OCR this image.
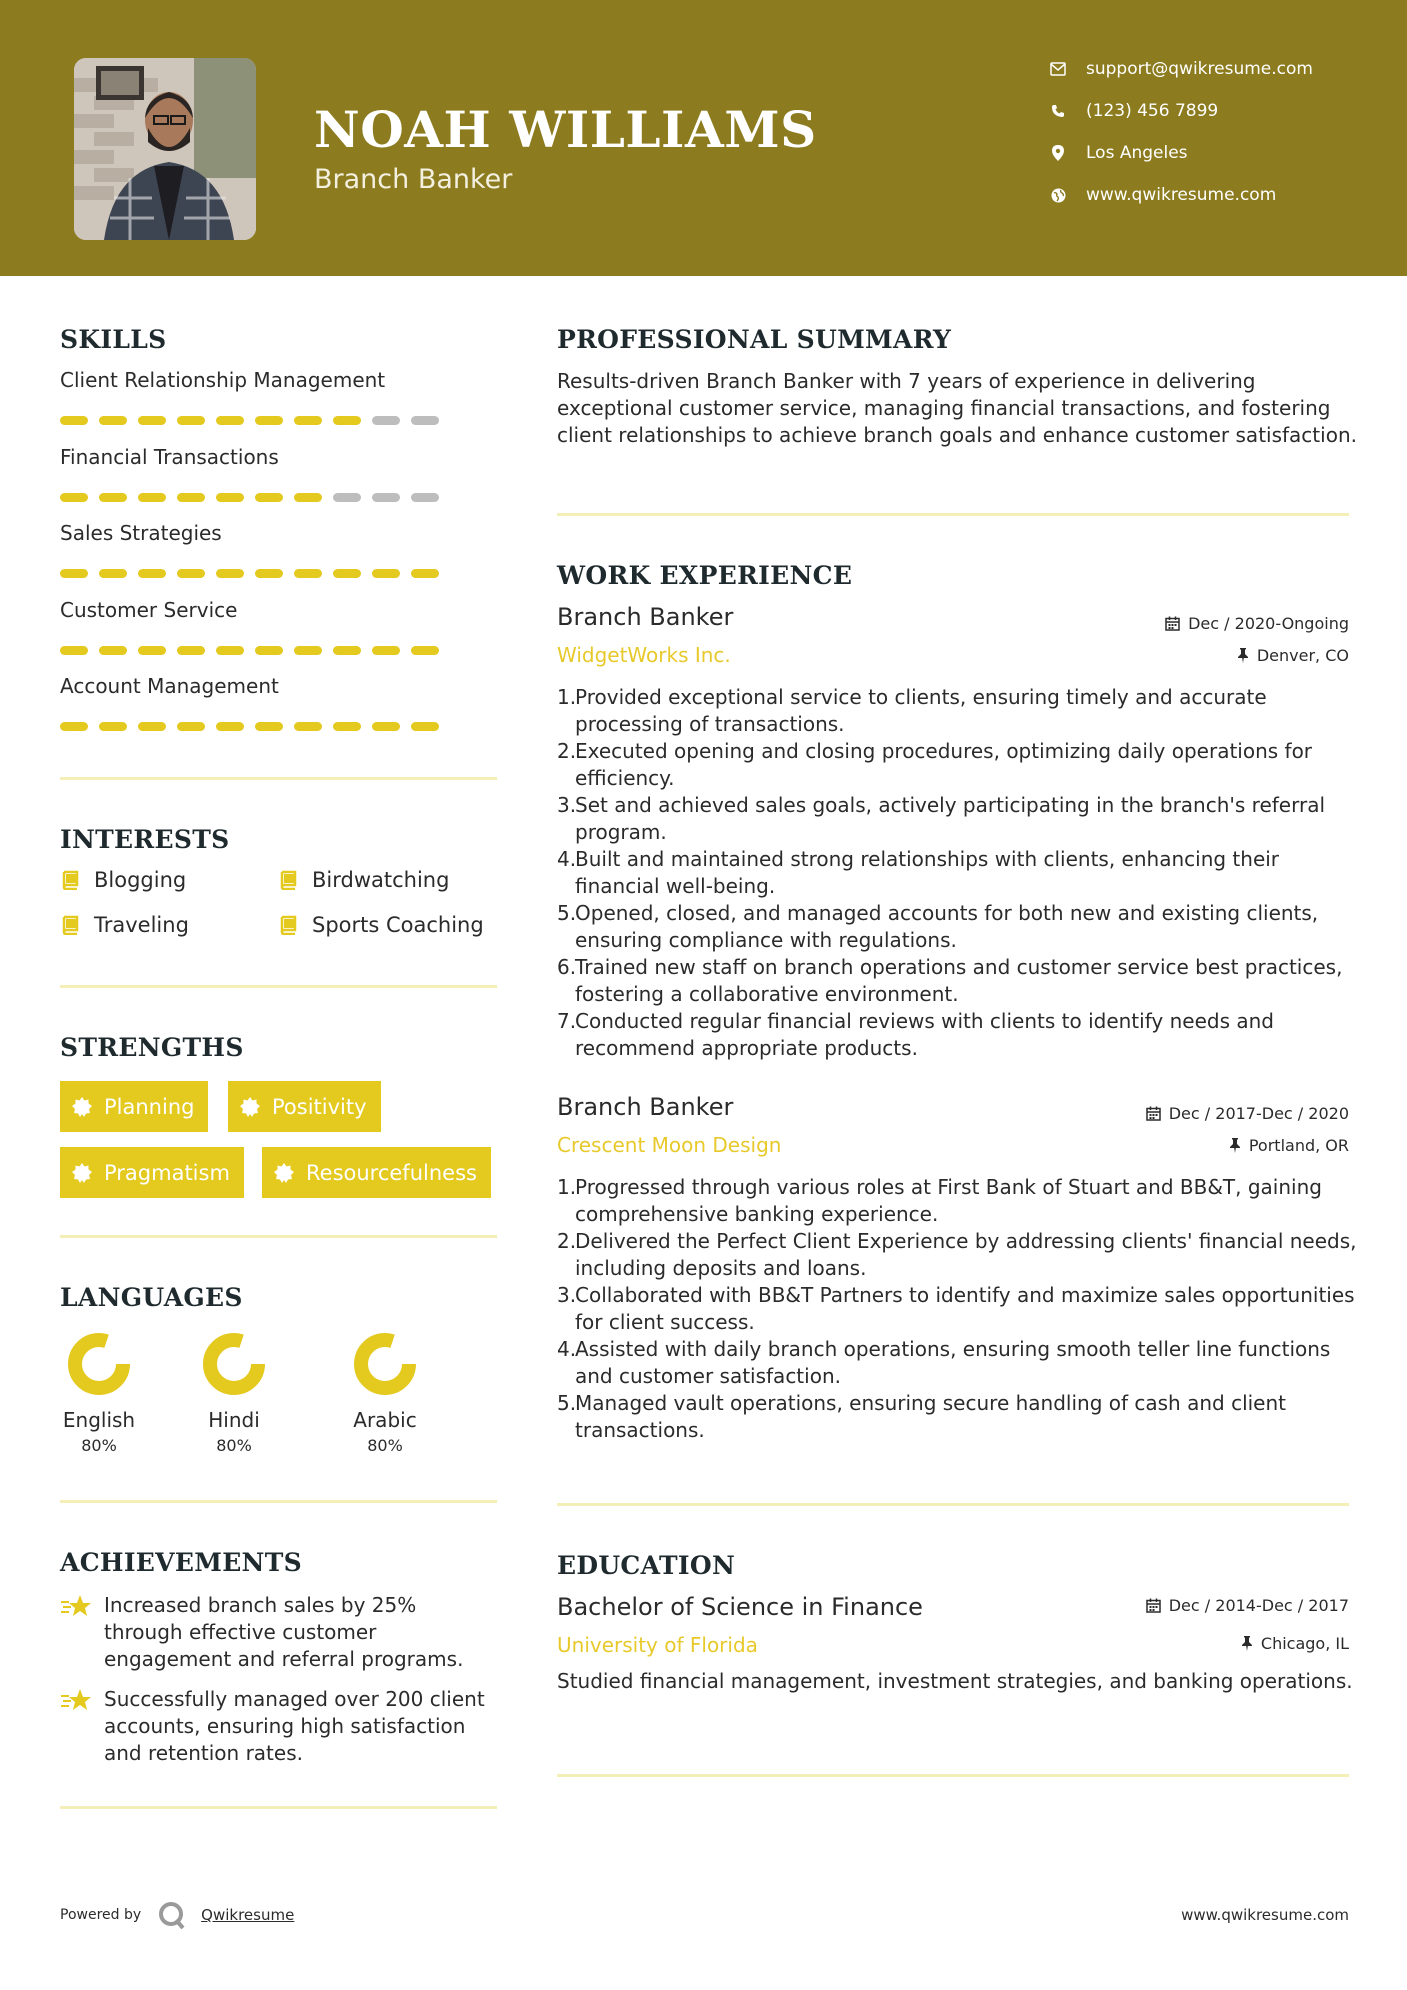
NOAH WILLIAMS
Branch Banker
support@qwikresume.com
(123) 456 7899
Los Angeles
www.qwikresume.com
SKILLS
Client Relationship Management
Financial Transactions
Sales Strategies
Customer Service
Account Management
INTERESTS
Blogging	Birdwatching
Traveling	Sports Coaching
STRENGTHS
Planning	Positivity
Pragmatism	Resourcefulness
LANGUAGES
English
80%
Hindi
80%
Arabic
80%
ACHIEVEMENTS
Increased branch sales by 25% through effective customer engagement and referral programs.
Successfully managed over 200 client accounts, ensuring high satisfaction and retention rates.
PROFESSIONAL SUMMARY
Results-driven Branch Banker with 7 years of experience in delivering exceptional customer service, managing financial transactions, and fostering client relationships to achieve branch goals and enhance customer satisfaction.
WORK EXPERIENCE
Branch Banker	Dec / 2020-Ongoing
WidgetWorks Inc.	Denver, CO
1.
Provided exceptional service to clients, ensuring timely and accurate processing of transactions.
2.
Executed opening and closing procedures, optimizing daily operations for efficiency.
3.
Set and achieved sales goals, actively participating in the branch's referral program.
4.
Built and maintained strong relationships with clients, enhancing their financial well-being.
5.
Opened, closed, and managed accounts for both new and existing clients, ensuring compliance with regulations.
6.
Trained new staff on branch operations and customer service best practices, fostering a collaborative environment.
7.
Conducted regular financial reviews with clients to identify needs and recommend appropriate products.
Branch Banker	Dec / 2017-Dec / 2020
Crescent Moon Design	Portland, OR
1.
Progressed through various roles at First Bank of Stuart and BB&T, gaining comprehensive banking experience.
2.
Delivered the Perfect Client Experience by addressing clients' financial needs, including deposits and loans.
3.
Collaborated with BB&T Partners to identify and maximize sales opportunities for client success.
4.
Assisted with daily branch operations, ensuring smooth teller line functions and customer satisfaction.
5.
Managed vault operations, ensuring secure handling of cash and client transactions.
EDUCATION
Bachelor of Science in Finance	Dec / 2014-Dec / 2017
University of Florida	Chicago, IL
Studied financial management, investment strategies, and banking operations.
Powered by	Qwikresume	www.qwikresume.com
